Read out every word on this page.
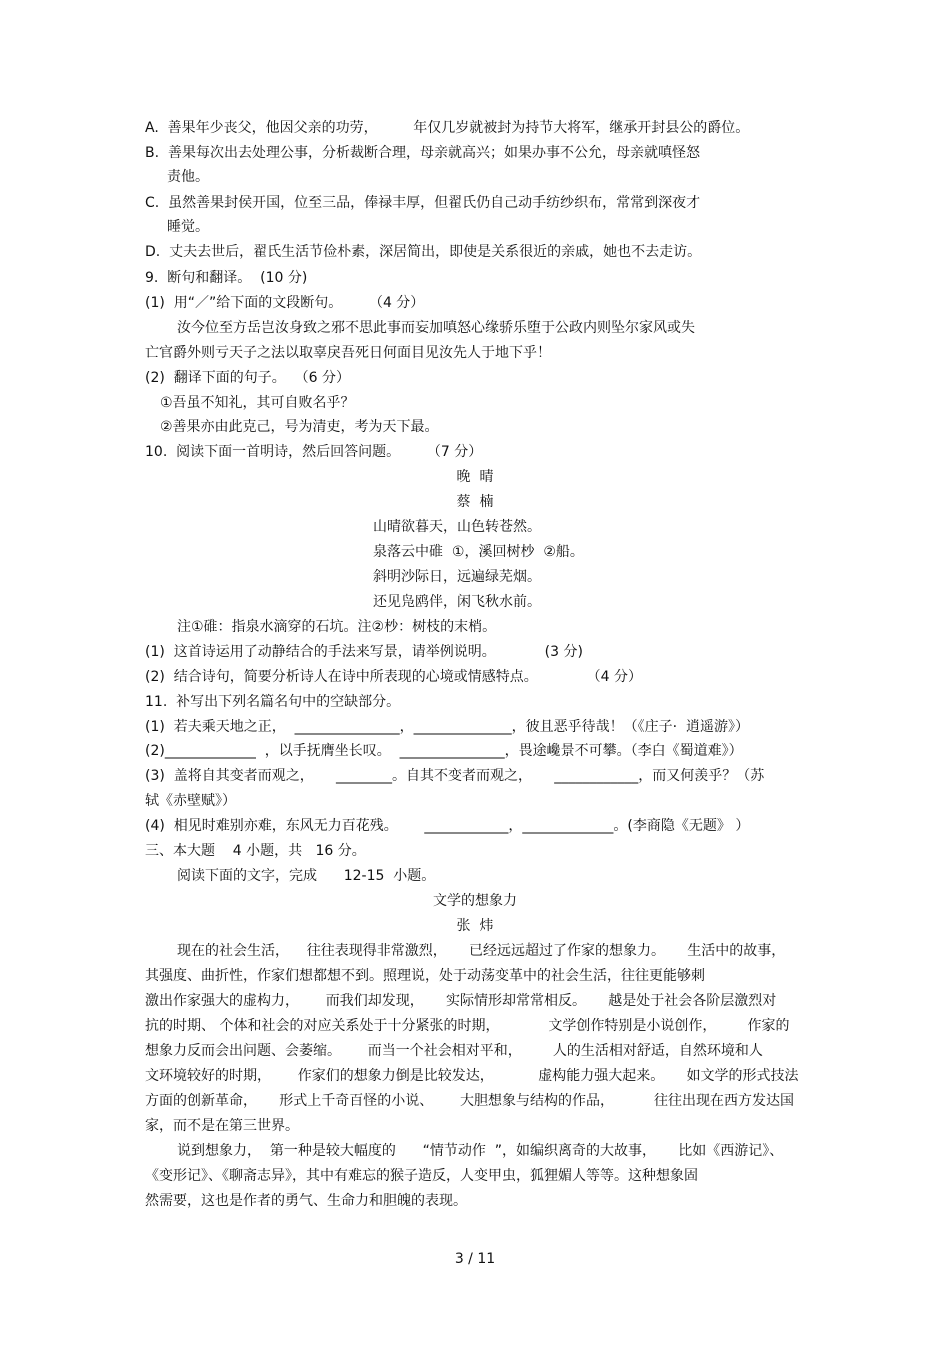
A.  善果年少丧父，他因父亲的功劳，        年仅几岁就被封为持节大将军，继承开封县公的爵位。
B.  善果每次出去处理公事，分析裁断合理，母亲就高兴；如果办事不公允，母亲就嗔怪怒
责他。
C.  虽然善果封侯开国，位至三品，俸禄丰厚，但翟氏仍自己动手纺纱织布，常常到深夜才
睡觉。
D.  丈夫去世后，翟氏生活节俭朴素，深居简出，即使是关系很近的亲戚，她也不去走访。
9.  断句和翻译。  (10 分)
(1)  用“／”给下面的文段断句。      （4 分）
汝今位至方岳岂汝身致之邪不思此事而妄加嗔怒心缘骄乐堕于公政内则坠尔家风或失
亡官爵外则亏天子之法以取辜戾吾死日何面目见汝先人于地下乎！
(2)  翻译下面的句子。  （6 分）
①吾虽不知礼，其可自败名乎？
②善果亦由此克己，号为清吏，考为天下最。
10.  阅读下面一首明诗，然后回答问题。      （7 分）
晚  晴
蔡  楠
山晴欲暮天，山色转苍然。
泉落云中碓  ①，溪回树杪  ②船。
斜明沙际日，远遍绿芜烟。
还见凫鸥伴，闲飞秋水前。
注①碓：指泉水滴穿的石坑。注②杪：树枝的末梢。
(1)  这首诗运用了动静结合的手法来写景，请举例说明。           (3 分)
(2)  结合诗句，简要分析诗人在诗中所表现的心境或情感特点。           （4 分）
11.  补写出下列名篇名句中的空缺部分。
(1)  若夫乘天地之正，  _______________，______________，彼且恶乎待哉！（《庄子·  逍遥游》）
(2)_____________  ，以手抚膺坐长叹。  _______________，畏途巉景不可攀。（李白《蜀道难》）
(3)  盖将自其变者而观之，     ________。自其不变者而观之，     ____________，而又何羡乎？（苏
轼《赤壁赋》）
(4)  相见时难别亦难，东风无力百花残。      ____________，_____________。(李商隐《无题》 ）
三、本大题    4 小题，共   16 分。
阅读下面的文字，完成      12-15  小题。
文学的想象力
张  炜
现在的社会生活，    往往表现得非常激烈，     已经远远超过了作家的想象力。     生活中的故事，
其强度、曲折性，作家们想都想不到。照理说，处于动荡变革中的社会生活，往往更能够刺
激出作家强大的虚构力，      而我们却发现，     实际情形却常常相反。     越是处于社会各阶层激烈对
抗的时期、 个体和社会的对应关系处于十分紧张的时期，           文学创作特别是小说创作，       作家的
想象力反而会出问题、会萎缩。      而当一个社会相对平和，       人的生活相对舒适，自然环境和人
文环境较好的时期，      作家们的想象力倒是比较发达，          虚构能力强大起来。     如文学的形式技法
方面的创新革命，     形式上千奇百怪的小说、      大胆想象与结构的作品，         往往出现在西方发达国
家，而不是在第三世界。
说到想象力，  第一种是较大幅度的      “情节动作  ”，如编织离奇的大故事，     比如《西游记》、
《变形记》、《聊斋志异》，其中有难忘的猴子造反，人变甲虫，狐狸媚人等等。这种想象固
然需要，这也是作者的勇气、生命力和胆魄的表现。
3 / 11
